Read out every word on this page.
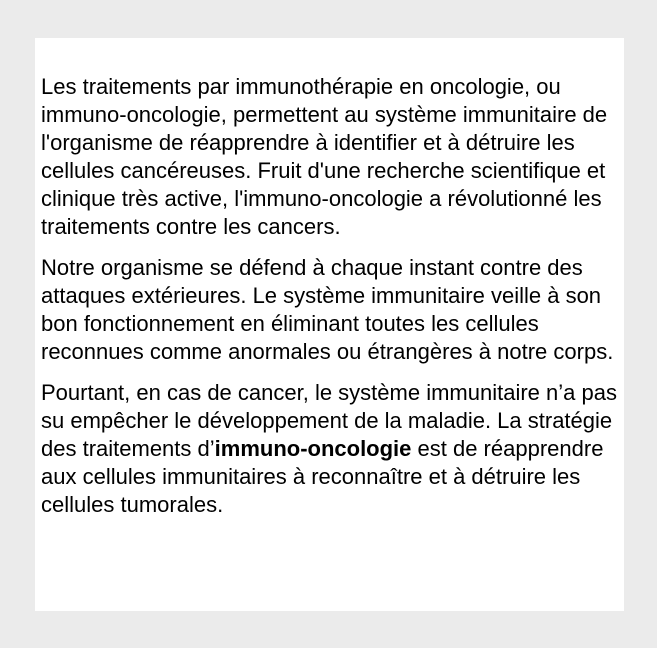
Les traitements par immunothérapie en oncologie, ou immuno-oncologie, permettent au système immunitaire de l'organisme de réapprendre à identifier et à détruire les cellules cancéreuses. Fruit d'une recherche scientifique et clinique très active, l'immuno-oncologie a révolutionné les traitements contre les cancers.

Notre organisme se défend à chaque instant contre des attaques extérieures. Le système immunitaire veille à son bon fonctionnement en éliminant toutes les cellules reconnues comme anormales ou étrangères à notre corps.

Pourtant, en cas de cancer, le système immunitaire n’a pas su empêcher le développement de la maladie. La stratégie des traitements d’immuno-oncologie est de réapprendre aux cellules immunitaires à reconnaître et à détruire les cellules tumorales.
